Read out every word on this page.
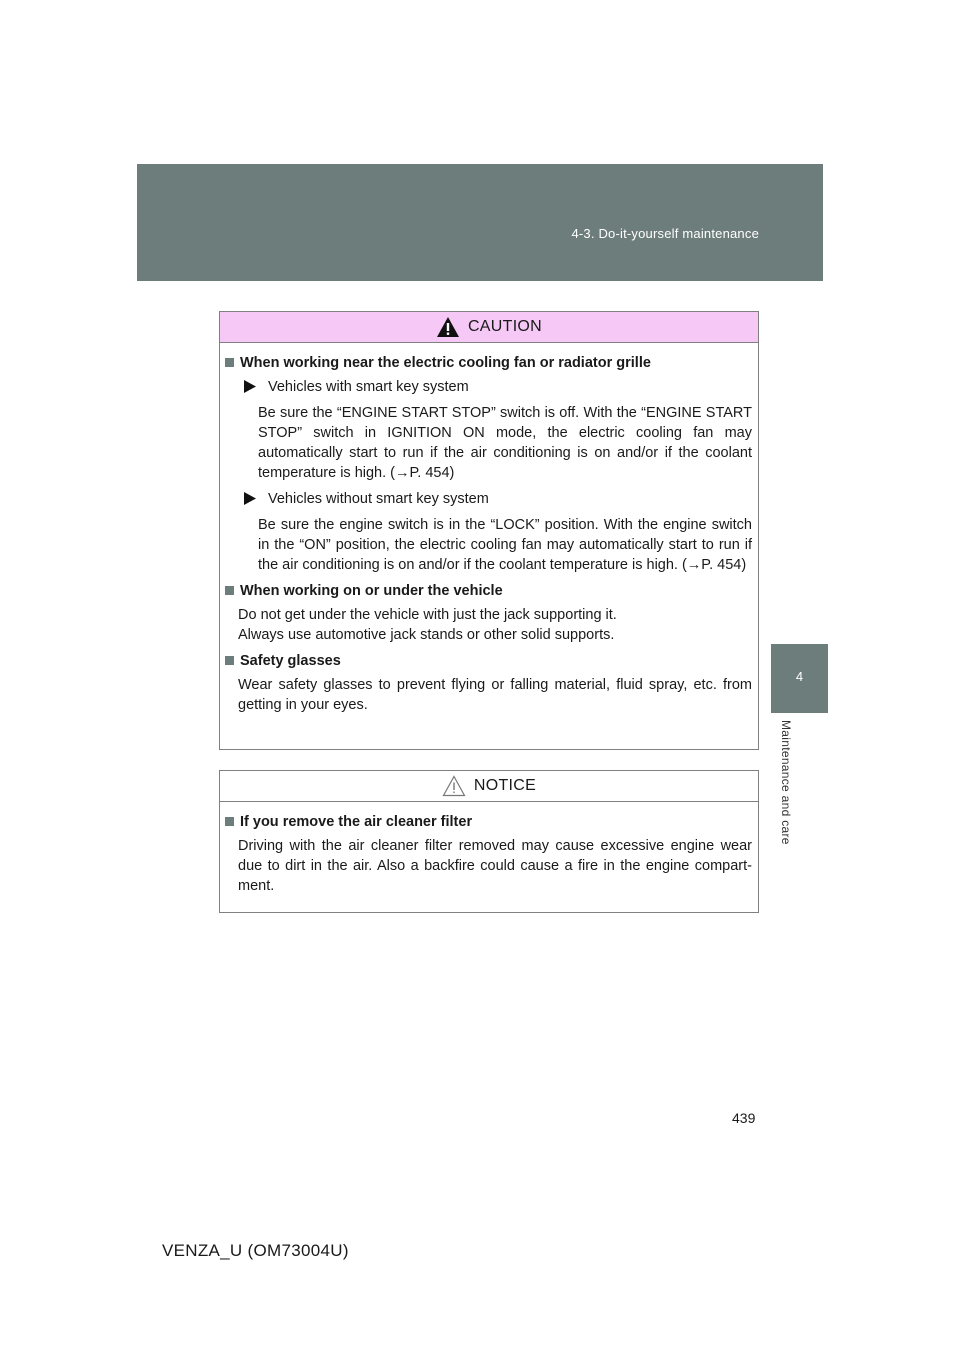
4-3. Do-it-yourself maintenance
4
Maintenance and care
CAUTION
When working near the electric cooling fan or radiator grille
Vehicles with smart key system
Be sure the “ENGINE START STOP” switch is off. With the “ENGINE START STOP” switch in IGNITION ON mode, the electric cooling fan may automatically start to run if the air conditioning is on and/or if the coolant temperature is high. (→P. 454)
Vehicles without smart key system
Be sure the engine switch is in the “LOCK” position. With the engine switch in the “ON” position, the electric cooling fan may automatically start to run if the air conditioning is on and/or if the coolant temperature is high. (→P. 454)
When working on or under the vehicle
Do not get under the vehicle with just the jack supporting it.
Always use automotive jack stands or other solid supports.
Safety glasses
Wear safety glasses to prevent flying or falling material, fluid spray, etc. from getting in your eyes.
NOTICE
If you remove the air cleaner filter
Driving with the air cleaner filter removed may cause excessive engine wear due to dirt in the air. Also a backfire could cause a fire in the engine compart-ment.
439
VENZA_U (OM73004U)
